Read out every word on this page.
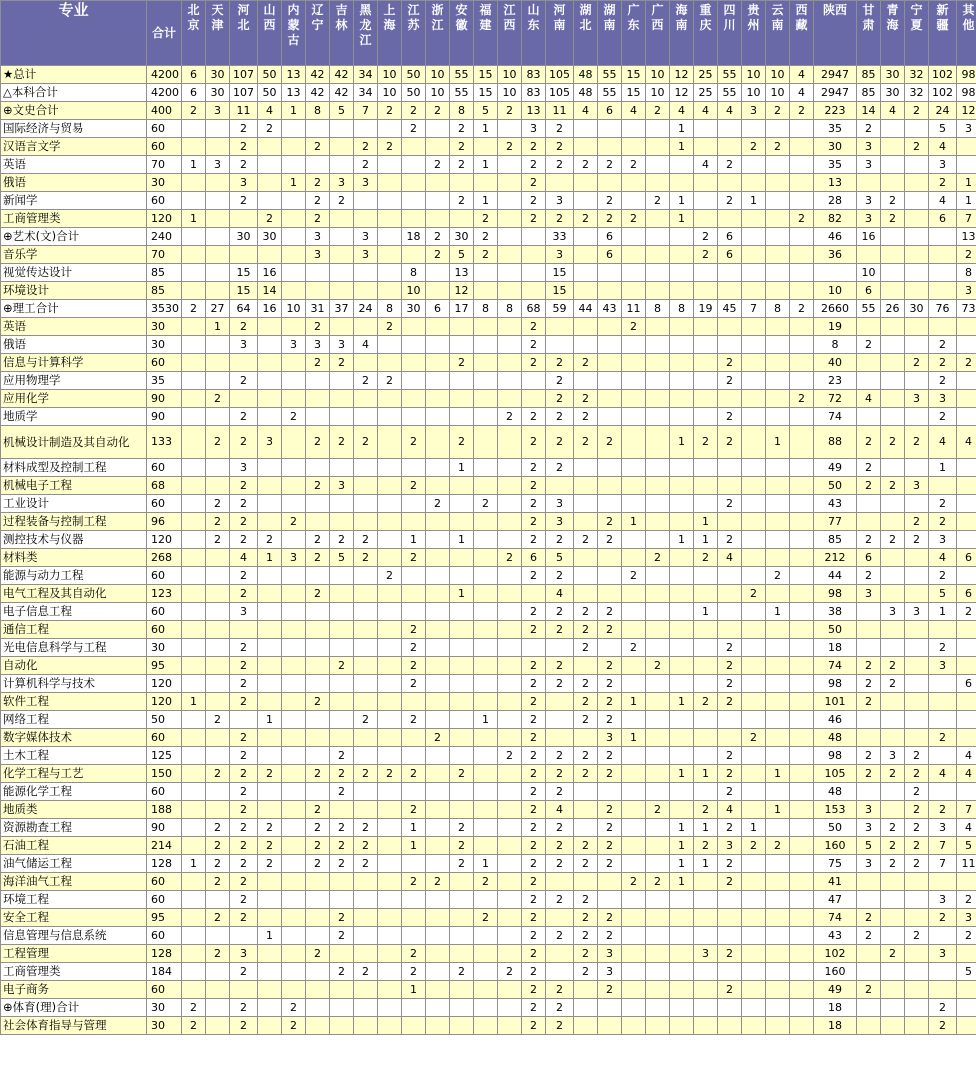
专业	合计	北京	天津	河北	山西	内蒙古	辽宁	吉林	黑龙江	上海	江苏	浙江	安徽	福建	江西	山东	河南	湖北	湖南	广东	广西	海南	重庆	四川	贵州	云南	西藏	陕西	甘肃	青海	宁夏	新疆	其他
★总计	4200	6	30	107	50	13	42	42	34	10	50	10	55	15	10	83	105	48	55	15	10	12	25	55	10	10	4	2947	85	30	32	102	98
△本科合计	4200	6	30	107	50	13	42	42	34	10	50	10	55	15	10	83	105	48	55	15	10	12	25	55	10	10	4	2947	85	30	32	102	98
⊕文史合计	400	2	3	11	4	1	8	5	7	2	2	2	8	5	2	13	11	4	6	4	2	4	4	4	3	2	2	223	14	4	2	24	12
国际经济与贸易	60			2	2						2		2	1		3	2					1						35	2			5	3
汉语言文学	60			2			2		2	2			2		2	2	2					1			2	2		30	3		2	4	
英语	70	1	3	2					2			2	2	1		2	2	2	2	2			4	2				35	3			3	
俄语	30			3		1	2	3	3							2												13				2	1
新闻学	60			2			2	2					2	1		2	3		2		2	1		2	1			28	3	2		4	1
工商管理类	120	1			2		2							2		2	2	2	2	2		1					2	82	3	2		6	7
⊕艺术(文)合计	240			30	30		3		3		18	2	30	2			33		6				2	6				46	16				13
音乐学	70						3		3			2	5	2			3		6				2	6				36					2
视觉传达设计	85			15	16						8		13				15												10				8
环境设计	85			15	14						10		12				15											10	6				3
⊕理工合计	3530	2	27	64	16	10	31	37	24	8	30	6	17	8	8	68	59	44	43	11	8	8	19	45	7	8	2	2660	55	26	30	76	73
英语	30		1	2			2			2						2				2								19					
俄语	30			3		3	3	3	4							2												8	2			2	
信息与计算科学	60						2	2					2			2	2	2						2				40			2	2	2
应用物理学	35			2					2	2							2							2				23				2	
应用化学	90		2														2	2									2	72	4		3	3	
地质学	90			2		2									2	2	2	2						2				74				2	
机械设计制造及其自动化	133		2	2	3		2	2	2		2		2			2	2	2	2			1	2	2		1		88	2	2	2	4	4
材料成型及控制工程	60			3									1			2	2											49	2			1	
机械电子工程	68			2			2	3			2					2												50	2	2	3		
工业设计	60		2	2								2		2		2	3							2				43				2	
过程装备与控制工程	96		2	2		2										2	3		2	1			1					77			2	2	
测控技术与仪器	120		2	2	2		2	2	2		1		1			2	2	2	2			1	1	2				85	2	2	2	3	
材料类	268			4	1	3	2	5	2		2				2	6	5				2		2	4				212	6			4	6
能源与动力工程	60			2						2						2	2			2						2		44	2			2	
电气工程及其自动化	123			2			2						1				4								2			98	3			5	6
电子信息工程	60			3												2	2	2	2				1			1		38		3	3	1	2
通信工程	60										2					2	2	2	2									50					
光电信息科学与工程	30			2							2							2		2				2				18				2	
自动化	95			2				2			2					2	2		2		2			2				74	2	2		3	
计算机科学与技术	120			2							2					2	2	2	2					2				98	2	2			6
软件工程	120	1		2			2									2		2	2	1		1	2	2				101	2				
网络工程	50		2		1				2		2			1		2		2	2									46					
数字媒体技术	60			2								2				2			3	1					2			48				2	
土木工程	125			2				2							2	2	2	2	2					2				98	2	3	2		4
化学工程与工艺	150		2	2	2		2	2	2	2	2		2			2	2	2	2			1	1	2		1		105	2	2	2	4	4
能源化学工程	60			2				2								2	2							2				48			2		
地质类	188			2			2				2					2	4		2		2		2	4		1		153	3		2	2	7
资源勘查工程	90		2	2	2		2	2	2		1		2			2	2		2			1	1	2	1			50	3	2	2	3	4
石油工程	214		2	2	2		2	2	2		1		2			2	2	2	2			1	2	3	2	2		160	5	2	2	7	5
油气储运工程	128	1	2	2	2		2	2	2				2	1		2	2	2	2			1	1	2				75	3	2	2	7	11
海洋油气工程	60		2	2							2	2		2		2				2	2	1		2				41					
环境工程	60			2												2	2	2										47				3	2
安全工程	95		2	2				2						2		2		2	2									74	2			2	3
信息管理与信息系统	60				1			2								2	2	2	2									43	2		2		2
工程管理	128		2	3			2				2					2		2	3				3	2				102		2		3	
工商管理类	184			2				2	2		2		2		2	2		2	3									160					5
电子商务	60										1					2	2		2					2				49	2				
⊕体育(理)合计	30	2		2		2										2	2											18				2	
社会体育指导与管理	30	2		2		2										2	2											18				2	
